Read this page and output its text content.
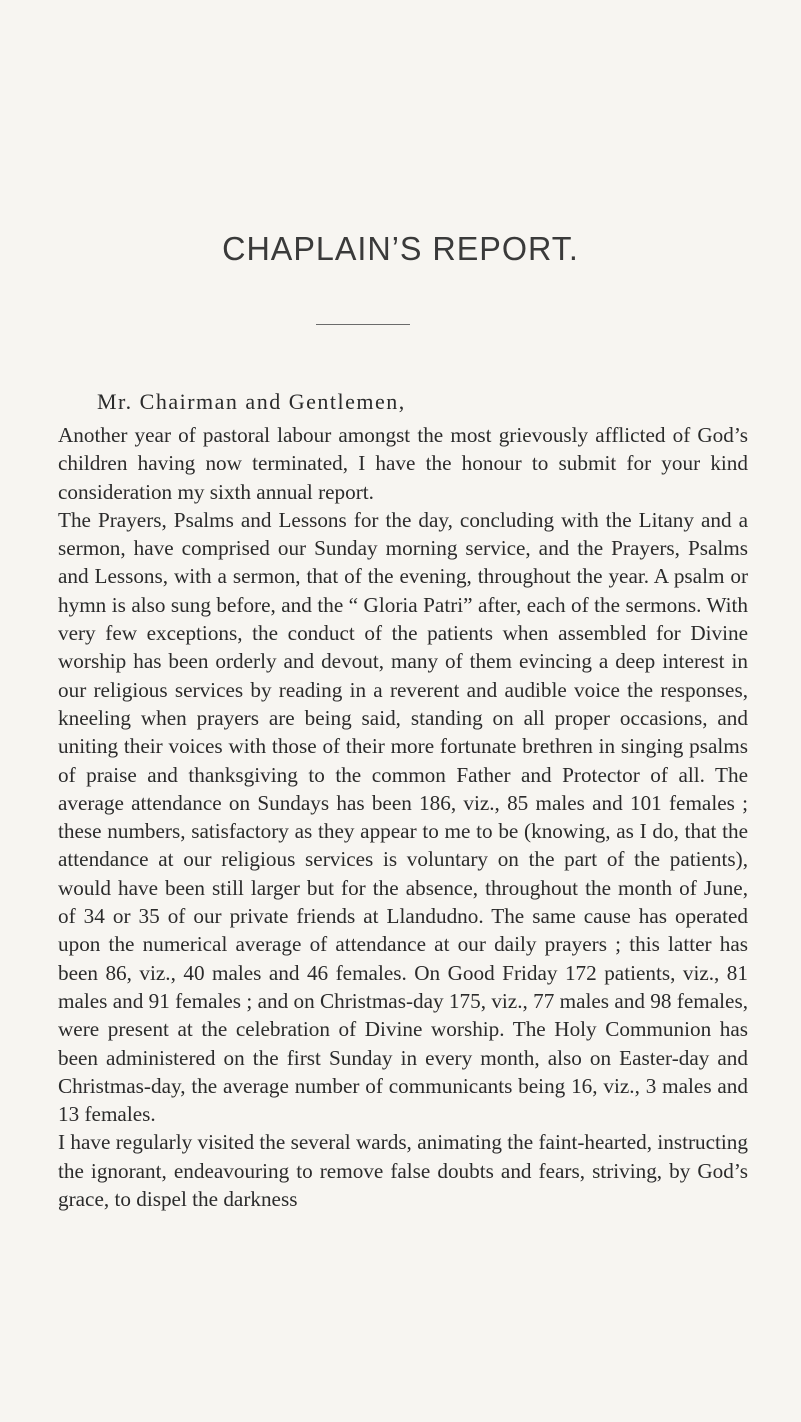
CHAPLAIN’S REPORT.
Mr. Chairman and Gentlemen,

Another year of pastoral labour amongst the most grievously afflicted of God’s children having now terminated, I have the honour to submit for your kind consideration my sixth annual report.

The Prayers, Psalms and Lessons for the day, concluding with the Litany and a sermon, have comprised our Sunday morning service, and the Prayers, Psalms and Lessons, with a sermon, that of the evening, throughout the year. A psalm or hymn is also sung before, and the “ Gloria Patri” after, each of the sermons. With very few exceptions, the conduct of the patients when assembled for Divine worship has been orderly and devout, many of them evincing a deep interest in our religious services by reading in a reverent and audible voice the responses, kneeling when prayers are being said, standing on all proper occasions, and uniting their voices with those of their more fortunate brethren in singing psalms of praise and thanksgiving to the common Father and Protector of all. The average attendance on Sundays has been 186, viz., 85 males and 101 females ; these numbers, satisfactory as they appear to me to be (knowing, as I do, that the attendance at our religious services is voluntary on the part of the patients), would have been still larger but for the absence, throughout the month of June, of 34 or 35 of our private friends at Llandudno. The same cause has operated upon the numerical average of attendance at our daily prayers ; this latter has been 86, viz., 40 males and 46 females. On Good Friday 172 patients, viz., 81 males and 91 females ; and on Christmas-day 175, viz., 77 males and 98 females, were present at the celebration of Divine worship. The Holy Communion has been administered on the first Sunday in every month, also on Easter-day and Christmas-day, the average number of communicants being 16, viz., 3 males and 13 females.

I have regularly visited the several wards, animating the faint-hearted, instructing the ignorant, endeavouring to remove false doubts and fears, striving, by God’s grace, to dispel the darkness
